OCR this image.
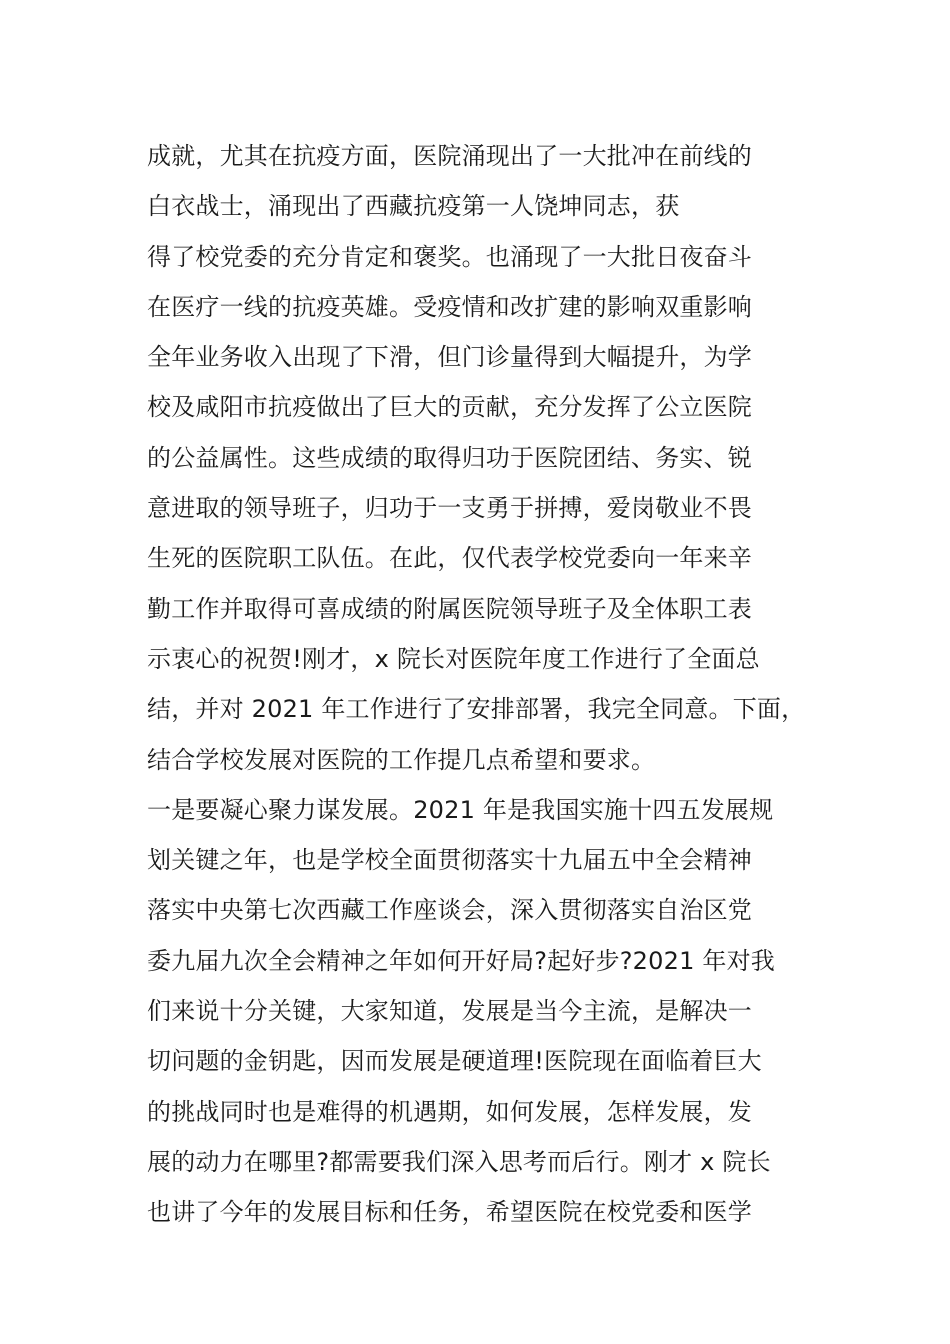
成就，尤其在抗疫方面，医院涌现出了一大批冲在前线的
白衣战士，涌现出了西藏抗疫第一人饶坤同志，获
得了校党委的充分肯定和褒奖。也涌现了一大批日夜奋斗
在医疗一线的抗疫英雄。受疫情和改扩建的影响双重影响
全年业务收入出现了下滑，但门诊量得到大幅提升，为学
校及咸阳市抗疫做出了巨大的贡献，充分发挥了公立医院
的公益属性。这些成绩的取得归功于医院团结、务实、锐
意进取的领导班子，归功于一支勇于拼搏，爱岗敬业不畏
生死的医院职工队伍。在此，仅代表学校党委向一年来辛
勤工作并取得可喜成绩的附属医院领导班子及全体职工表
示衷心的祝贺!刚才，x 院长对医院年度工作进行了全面总
结，并对 2021 年工作进行了安排部署，我完全同意。下面，
结合学校发展对医院的工作提几点希望和要求。
一是要凝心聚力谋发展。2021 年是我国实施十四五发展规
划关键之年，也是学校全面贯彻落实十九届五中全会精神
落实中央第七次西藏工作座谈会，深入贯彻落实自治区党
委九届九次全会精神之年如何开好局?起好步?2021 年对我
们来说十分关键，大家知道，发展是当今主流，是解决一
切问题的金钥匙，因而发展是硬道理!医院现在面临着巨大
的挑战同时也是难得的机遇期，如何发展，怎样发展，发
展的动力在哪里?都需要我们深入思考而后行。刚才 x 院长
也讲了今年的发展目标和任务，希望医院在校党委和医学
